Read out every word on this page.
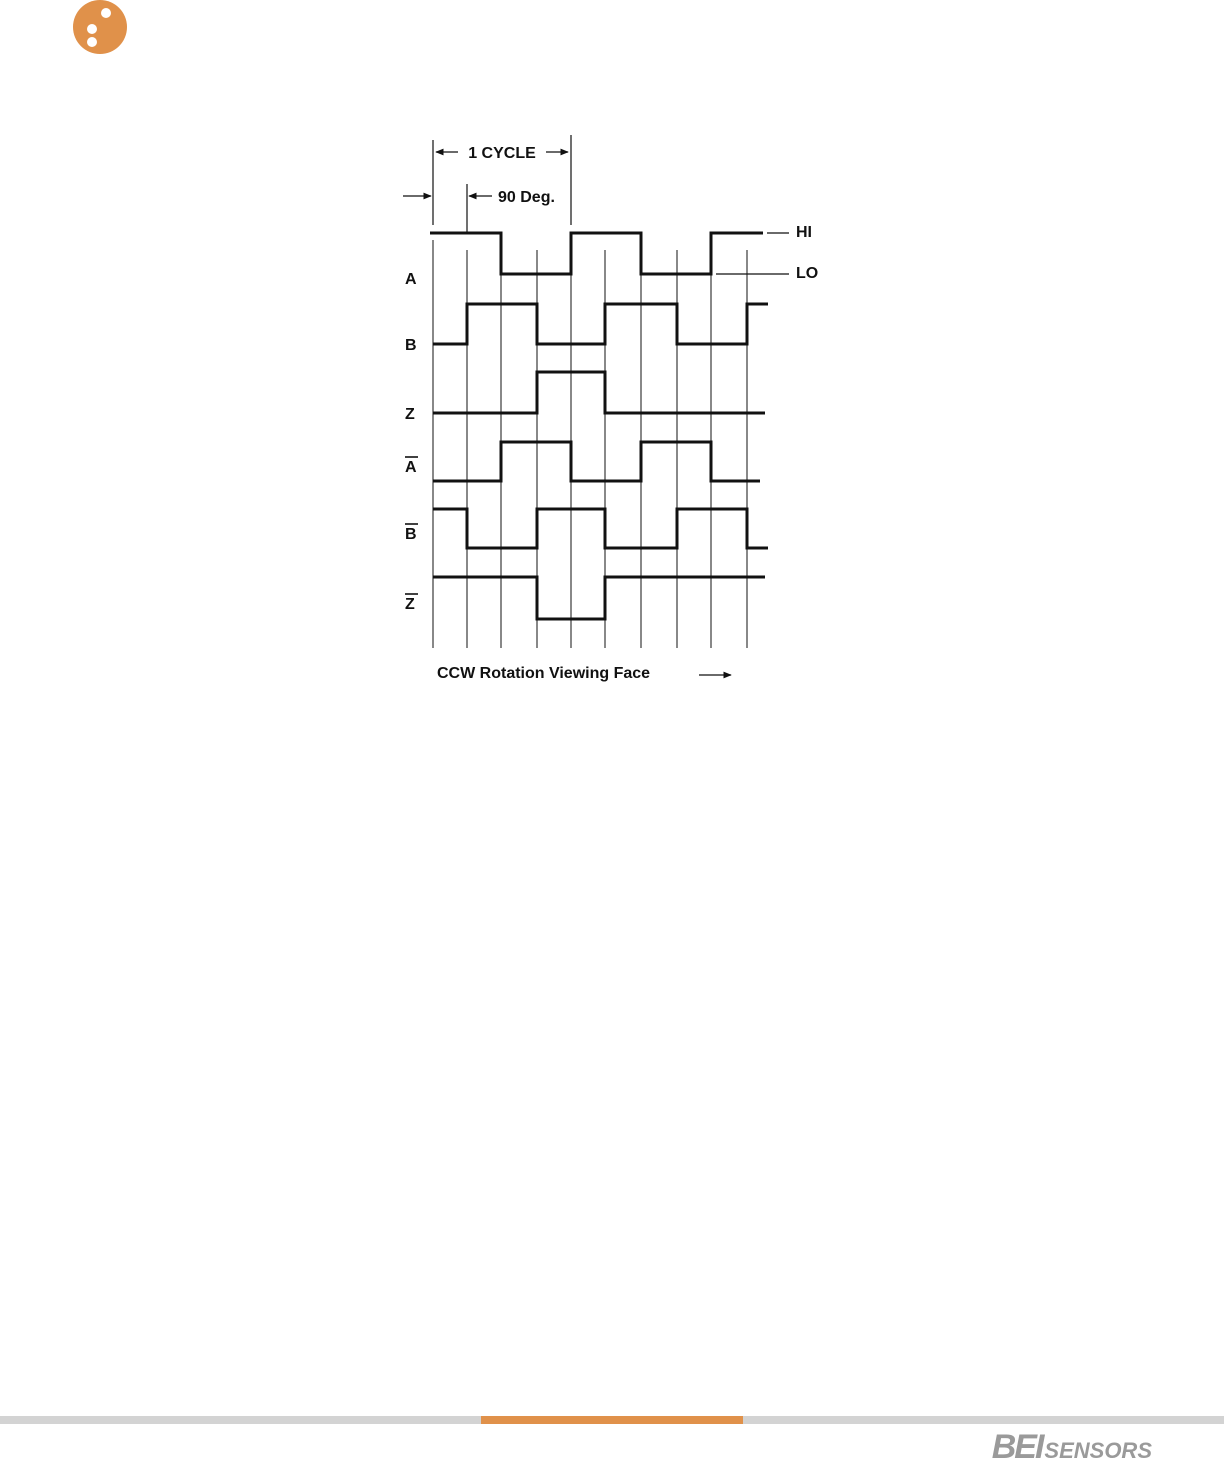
1 CYCLE
90 Deg.
HI
LO
A
B
Z
A
B
Z
CCW Rotation Viewing Face
BEI SENSORS
